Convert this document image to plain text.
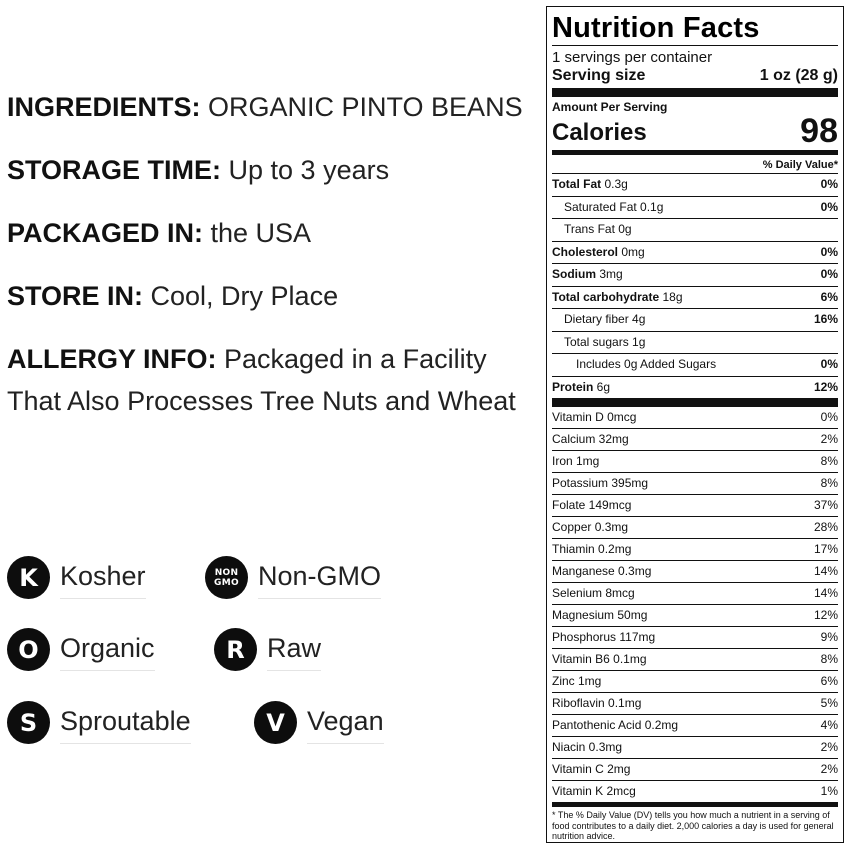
INGREDIENTS: ORGANIC PINTO BEANS

STORAGE TIME: Up to 3 years

PACKAGED IN: the USA

STORE IN: Cool, Dry Place

ALLERGY INFO: Packaged in a Facility That Also Processes Tree Nuts and Wheat

K Kosher	NON
GMO Non-GMO
O Organic	R Raw
S Sproutable	V Vegan
Nutrition Facts
1 servings per container
Serving size	1 oz (28 g)
Amount Per Serving
Calories	98
% Daily Value*
Total Fat 0.3g	0%
Saturated Fat 0.1g	0%
Trans Fat 0g
Cholesterol 0mg	0%
Sodium 3mg	0%
Total carbohydrate 18g	6%
Dietary fiber 4g	16%
Total sugars 1g
Includes 0g Added Sugars	0%
Protein 6g	12%
Vitamin D 0mcg	0%
Calcium 32mg	2%
Iron 1mg	8%
Potassium 395mg	8%
Folate 149mcg	37%
Copper 0.3mg	28%
Thiamin 0.2mg	17%
Manganese 0.3mg	14%
Selenium 8mcg	14%
Magnesium 50mg	12%
Phosphorus 117mg	9%
Vitamin B6 0.1mg	8%
Zinc 1mg	6%
Riboflavin 0.1mg	5%
Pantothenic Acid 0.2mg	4%
Niacin 0.3mg	2%
Vitamin C 2mg	2%
Vitamin K 2mcg	1%
* The % Daily Value (DV) tells you how much a nutrient in a serving of food contributes to a daily diet. 2,000 calories a day is used for general nutrition advice.
